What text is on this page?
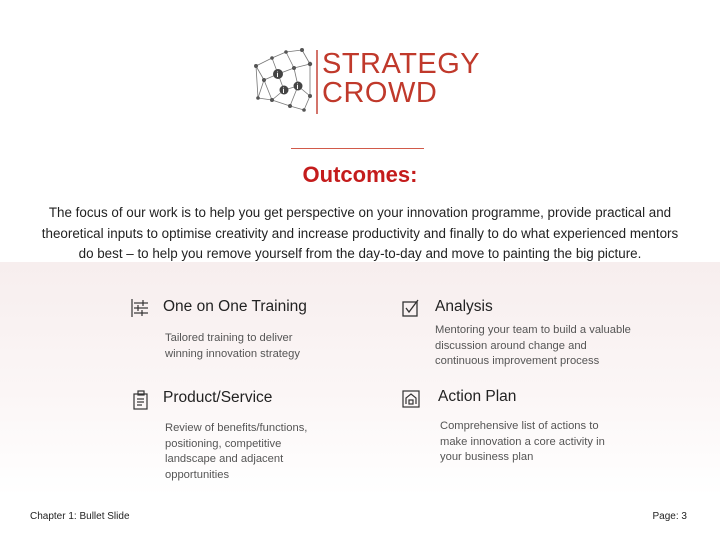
i
i
i
STRATEGY
CROWD
Outcomes:
The focus of our work is to help you get perspective on your innovation programme, provide practical and theoretical inputs to optimise creativity and increase productivity and finally to do what experienced mentors do best – to help you remove yourself from the day-to-day and move to painting the big picture.
One on One Training
Tailored training to deliver winning innovation strategy
Analysis
Mentoring your team to build a valuable discussion around change and continuous improvement process
Product/Service
Review of benefits/functions, positioning, competitive landscape and adjacent opportunities
Action Plan
Comprehensive list of actions to make innovation a core activity in your business plan
Chapter 1: Bullet Slide	Page: 3
